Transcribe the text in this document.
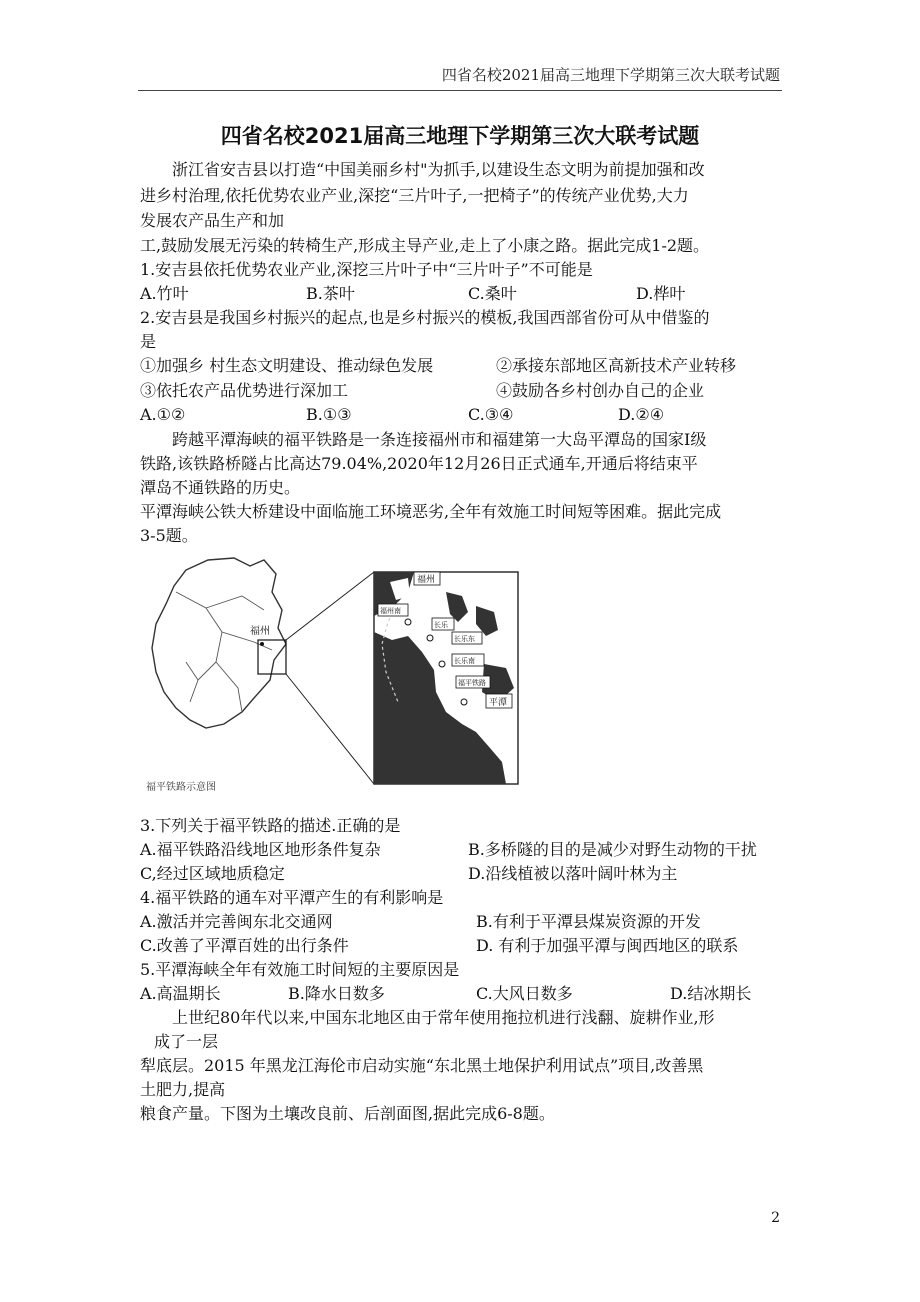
四省名校2021届高三地理下学期第三次大联考试题
四省名校2021届高三地理下学期第三次大联考试题
浙江省安吉县以打造“中国美丽乡村"为抓手,以建设生态文明为前提加强和改
进乡村治理,依托优势农业产业,深挖“三片叶子,一把椅子”的传统产业优势,大力
发展农产品生产和加
工,鼓励发展无污染的转椅生产,形成主导产业,走上了小康之路。据此完成1-2题。
1.安吉县依托优势农业产业,深挖三片叶子中“三片叶子”不可能是
A.竹叶	B.茶叶	C.桑叶	D.桦叶
2.安吉县是我国乡村振兴的起点,也是乡村振兴的模板,我国西部省份可从中借鉴的
是
①加强乡 村生态文明建设、推动绿色发展	②承接东部地区高新技术产业转移
③依托农产品优势进行深加工	④鼓励各乡村创办自己的企业
A.①②	B.①③	C.③④	D.②④
跨越平潭海峡的福平铁路是一条连接福州市和福建第一大岛平潭岛的国家Ⅰ级
铁路,该铁路桥隧占比高达79.04%,2020年12月26日正式通车,开通后将结束平
潭岛不通铁路的历史。
平潭海峡公铁大桥建设中面临施工环境恶劣,全年有效施工时间短等困难。据此完成
3-5题。
福州
福州
福州南
长乐
长乐东
长乐南
福平铁路
平潭
福平铁路示意图
3.下列关于福平铁路的描述.正确的是
A.福平铁路沿线地区地形条件复杂	B.多桥隧的目的是减少对野生动物的干扰
C,经过区域地质稳定	D.沿线植被以落叶阔叶林为主
4.福平铁路的通车对平潭产生的有利影响是
A.激活并完善闽东北交通网	B.有利于平潭县煤炭资源的开发
C.改善了平潭百姓的出行条件	D. 有利于加强平潭与闽西地区的联系
5.平潭海峡全年有效施工时间短的主要原因是
A.高温期长	B.降水日数多	C.大风日数多	D.结冰期长
上世纪80年代以来,中国东北地区由于常年使用拖拉机进行浅翻、旋耕作业,形
成了一层
犁底层。2015 年黑龙江海伦市启动实施“东北黑土地保护利用试点”项目,改善黑
土肥力,提高
粮食产量。下图为土壤改良前、后剖面图,据此完成6-8题。
2
